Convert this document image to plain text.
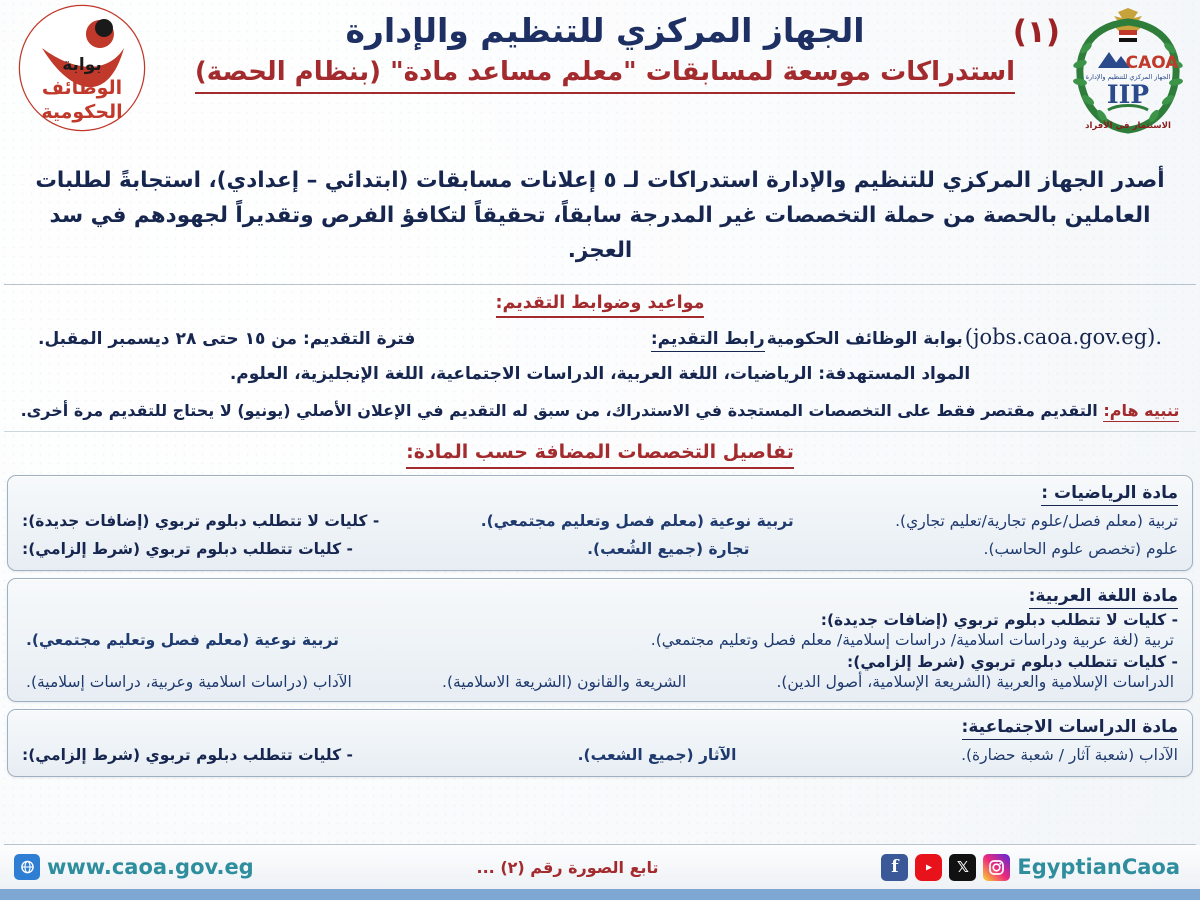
بوابة
الوظائف
الحكومية
CAOA
الجهاز المركزي للتنظيم والإدارة
IIP
الاستثمار في الأفراد
(١)
الجهاز المركزي للتنظيم والإدارة
استدراكات موسعة لمسابقات "معلم مساعد مادة" (بنظام الحصة)
أصدر الجهاز المركزي للتنظيم والإدارة استدراكات لـ ٥ إعلانات مسابقات (ابتدائي – إعدادي)، استجابةً لطلبات العاملين بالحصة من حملة التخصصات غير المدرجة سابقاً، تحقيقاً لتكافؤ الفرص وتقديراً لجهودهم في سد العجز.
مواعيد وضوابط التقديم:
(jobs.caoa.gov.eg).
بوابة الوظائف الحكومية
رابط التقديم:
فترة التقديم: من ١٥ حتى ٢٨ ديسمبر المقبل.
المواد المستهدفة: الرياضيات، اللغة العربية، الدراسات الاجتماعية، اللغة الإنجليزية، العلوم.
تنبيه هام: التقديم مقتصر فقط على التخصصات المستجدة في الاستدراك، من سبق له التقديم في الإعلان الأصلي (يونيو) لا يحتاج للتقديم مرة أخرى.
تفاصيل التخصصات المضافة حسب المادة:
مادة الرياضيات :
تربية (معلم فصل/علوم تجارية/تعليم تجاري).
تربية نوعية (معلم فصل وتعليم مجتمعي).
- كليات لا تتطلب دبلوم تربوي (إضافات جديدة):
علوم (تخصص علوم الحاسب).
تجارة (جميع الشُعب).
- كليات تتطلب دبلوم تربوي (شرط إلزامي):
مادة اللغة العربية:
- كليات لا تتطلب دبلوم تربوي (إضافات جديدة):
تربية (لغة عربية ودراسات اسلامية/ دراسات إسلامية/ معلم فصل وتعليم مجتمعي).
تربية نوعية (معلم فصل وتعليم مجتمعي).
- كليات تتطلب دبلوم تربوي (شرط إلزامي):
الدراسات الإسلامية والعربية (الشريعة الإسلامية، أصول الدين).
الشريعة والقانون (الشريعة الاسلامية).
الآداب (دراسات اسلامية وعربية، دراسات إسلامية).
مادة الدراسات الاجتماعية:
الآداب (شعبة آثار / شعبة حضارة).
الآثار (جميع الشعب).
- كليات تتطلب دبلوم تربوي (شرط إلزامي):
f	𝕏	EgyptianCaoa
تابع الصورة رقم (٢) ...
www.caoa.gov.eg
